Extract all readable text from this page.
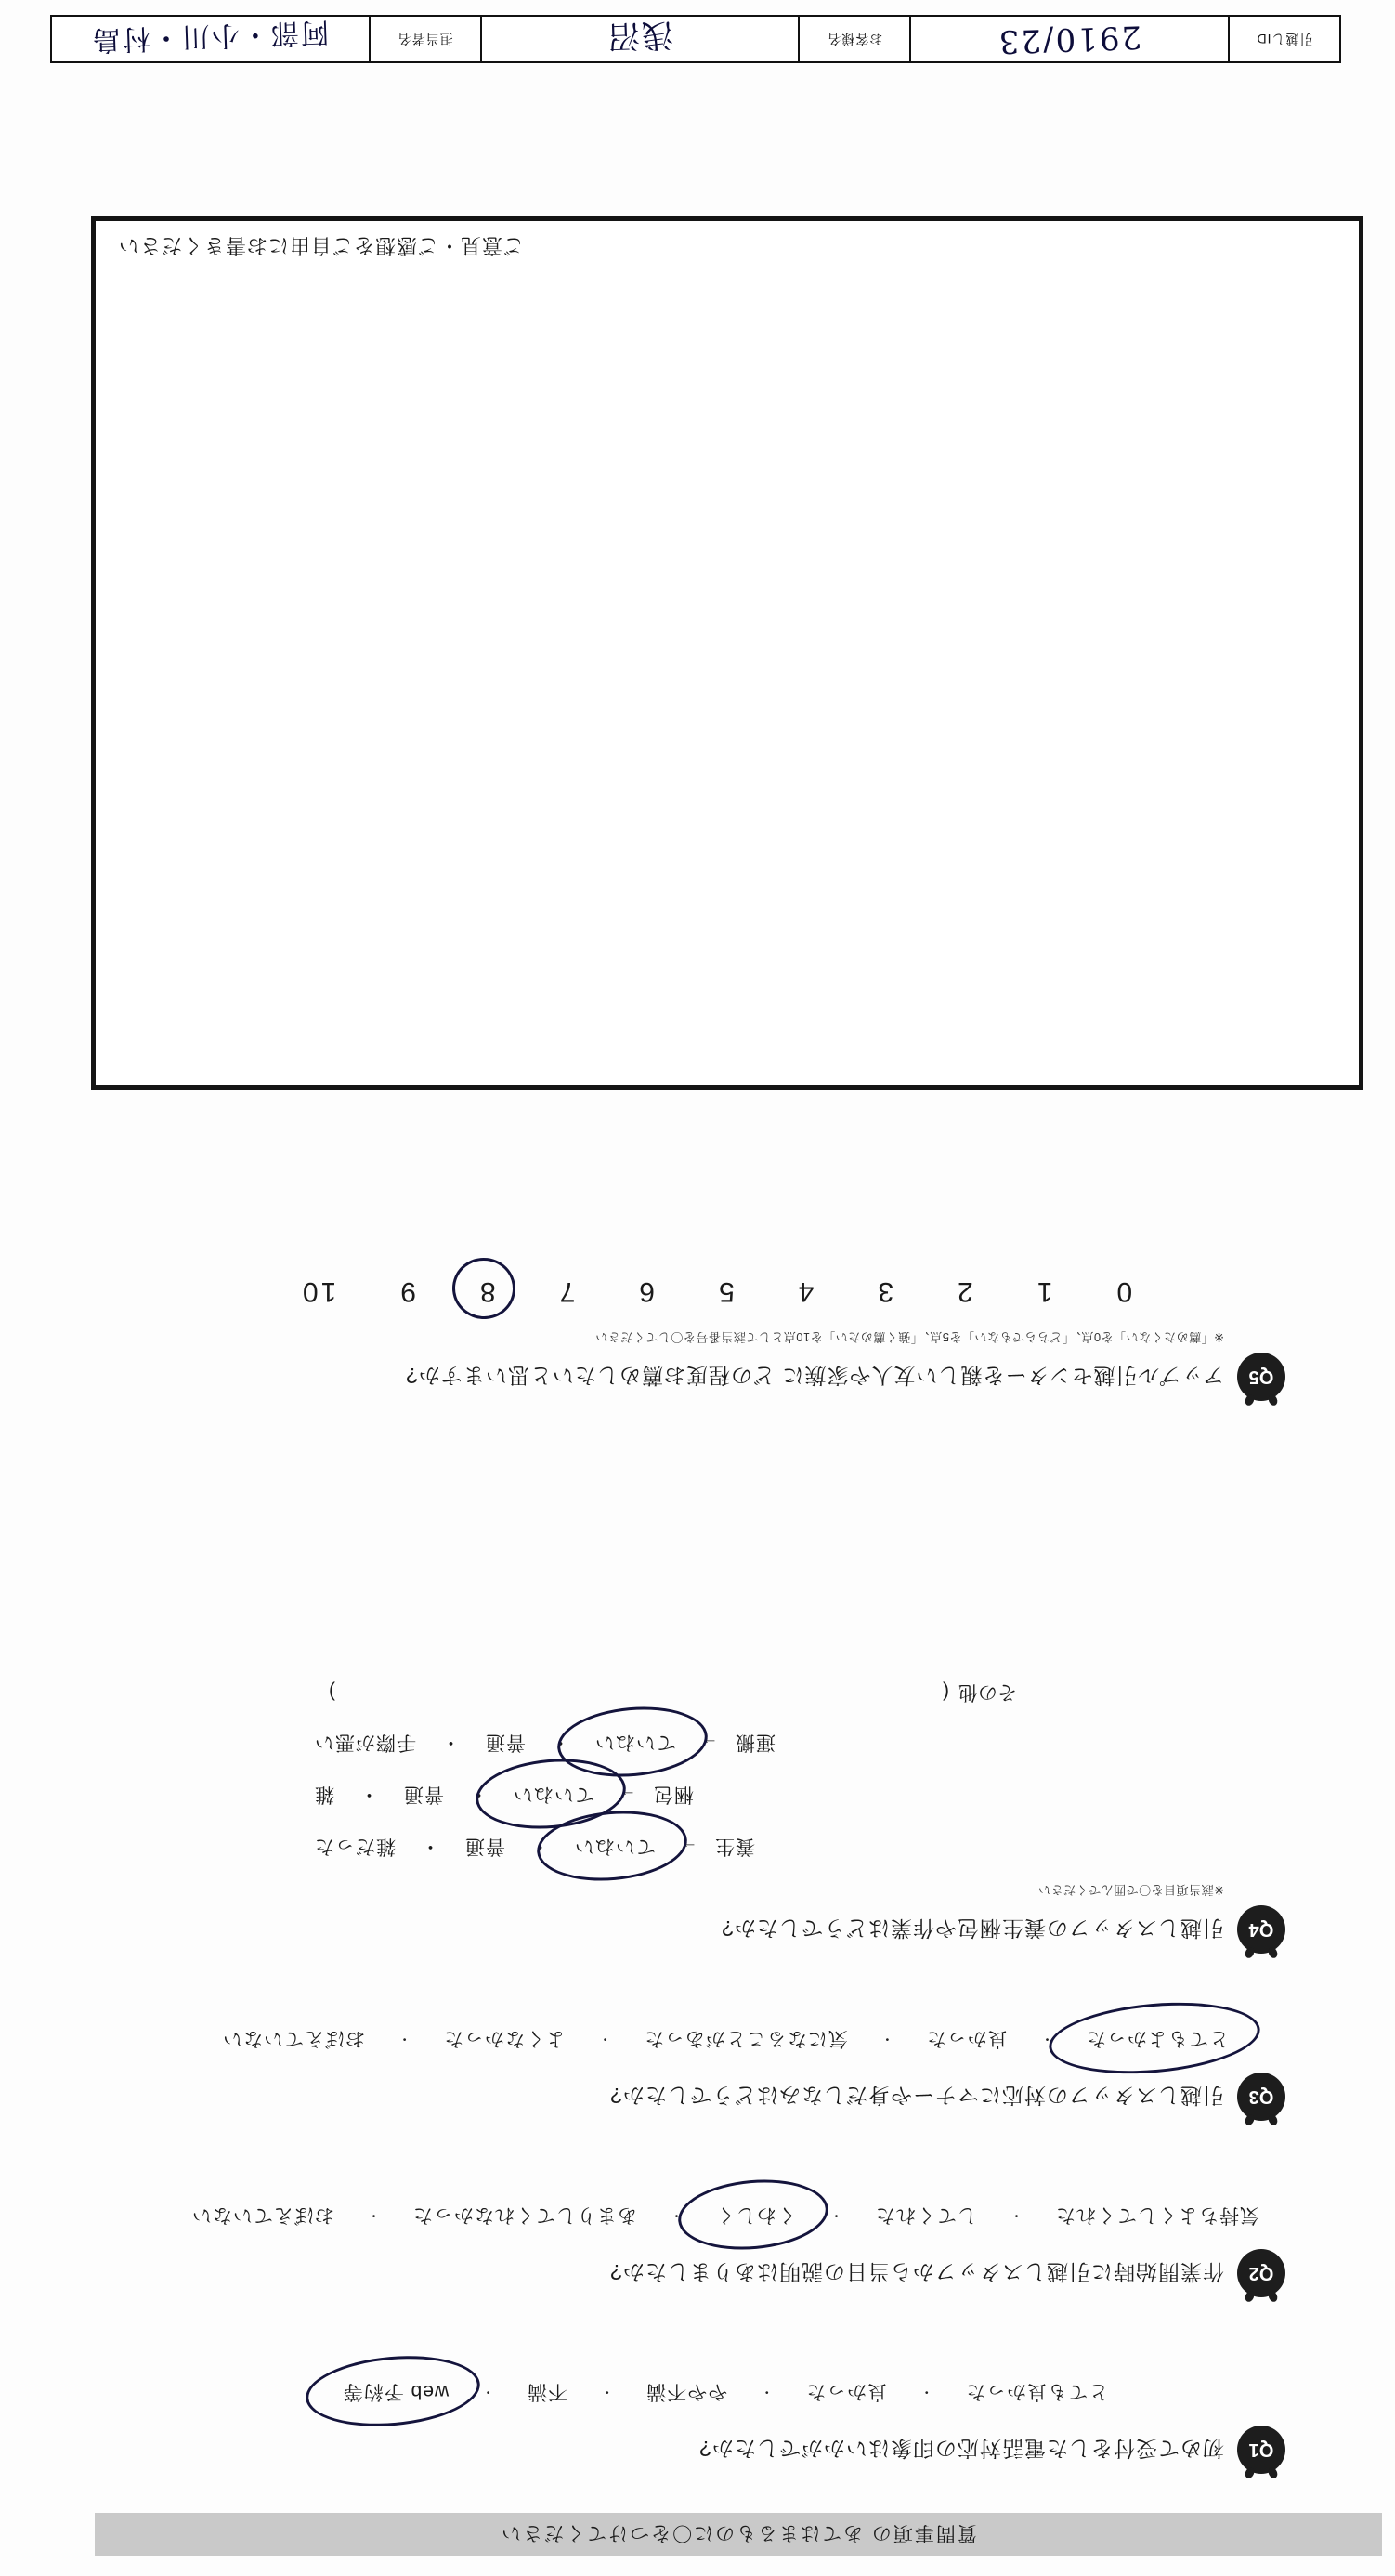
質問事項の あてはまるものに〇をつけてください
Q1
初めて受付をした電話対応の印象はいかがでしたか?
とても良かった
・
良かった
・
やや不満
・
不満
・
web 予約等
Q2
作業開始時に引越しスタッフから当日の説明はありましたか?
気持ちよくしてくれた
・
してくれた
・
くわしく
・
あまりしてくれなかった
・
おぼえていない
Q3
引越しスタッフの対応にマナーや身だしなみはどうでしたか?
とてもよかった
・
良かった
・
気になることがあった
・
よくなかった
・
おぼえていない
Q4
引越しスタッフの養生梱包や作業はどうでしたか?
※該当項目を〇で囲んでください
養生
→
ていねい
・
普通
・
雑だった
梱包
→
ていねい
・
普通
・
雑
運搬
→
ていねい
・
普通
・
手際が悪い
その他
(　　　　　　　　　　　　　　)
Q5
アップル引越センターを親しい友人や家族に どの程度お薦めしたいと思いますか?
※「薦めたくない」を0点、「どちらでもない」を5点、「強く薦めたい」を10点として該当番号を〇してください
0
1
2
3
4
5
6
7
8
9
10
ご意見・ご感想をご自由にお書きください
引越しID
2910/23
お客様名
浅沼
担当者名
阿部・小川・村島
